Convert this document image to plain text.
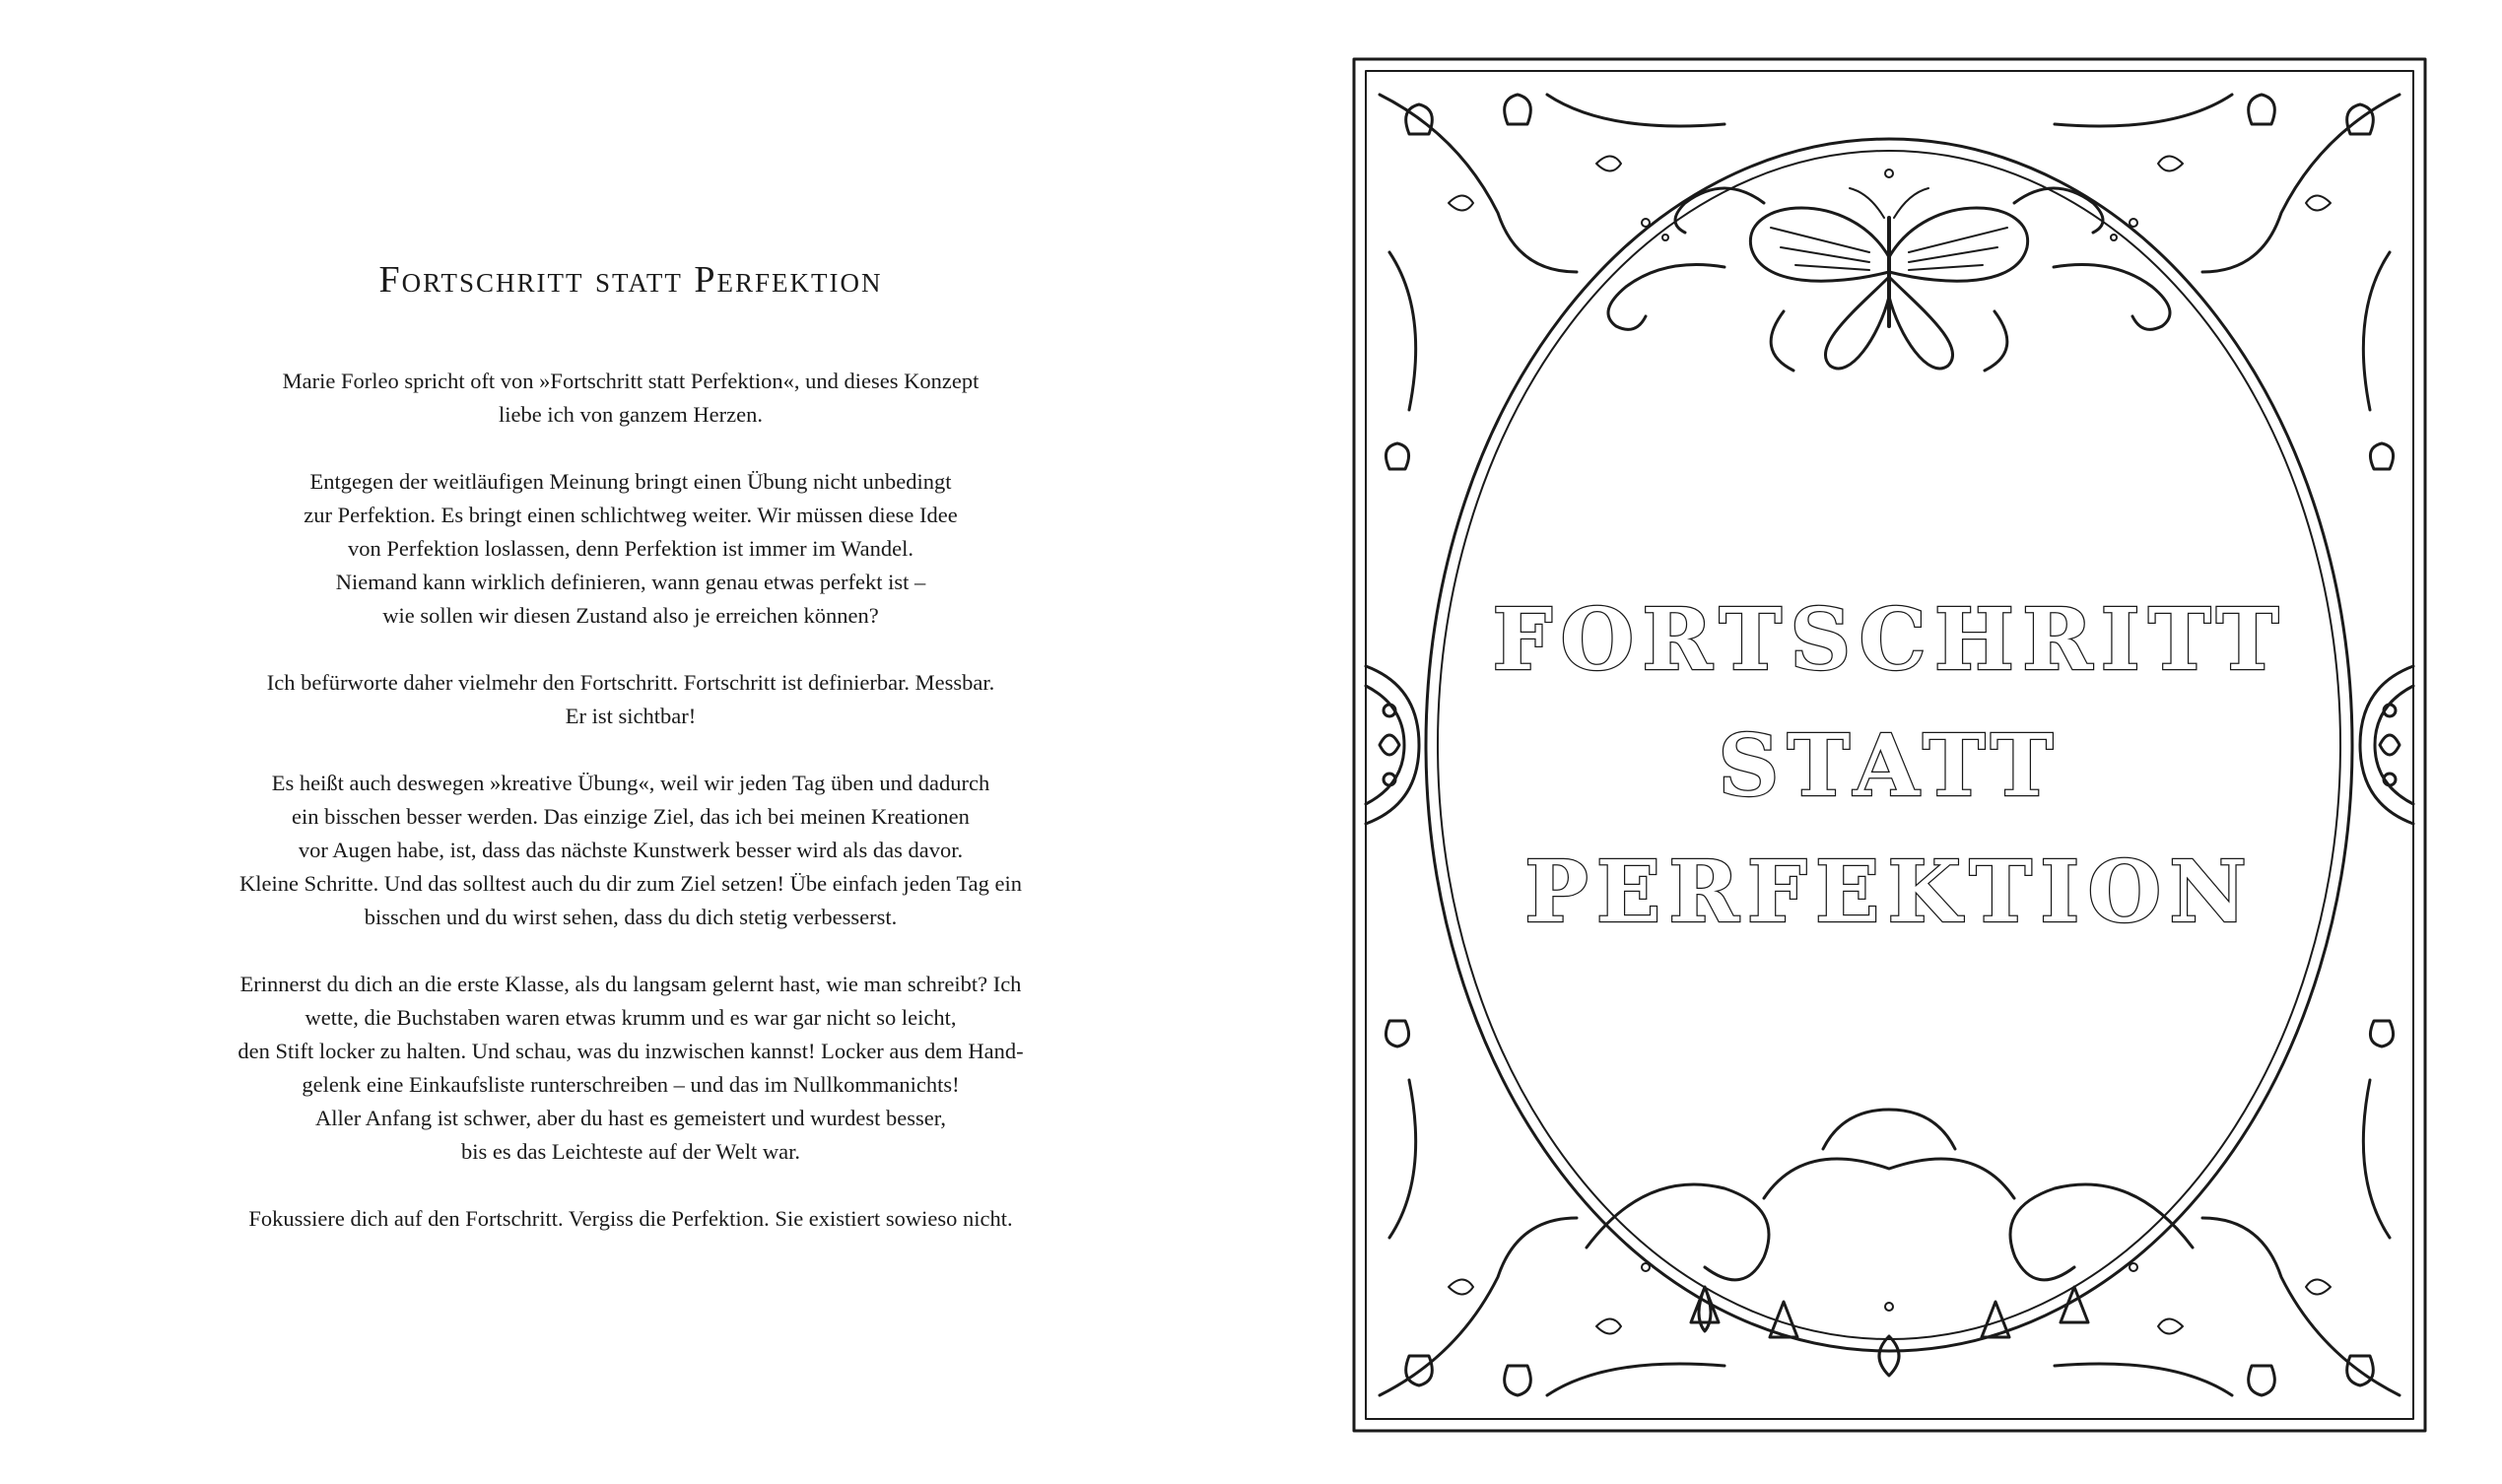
Fortschritt statt Perfektion

Marie Forleo spricht oft von »Fortschritt statt Perfektion«, und dieses Konzept
liebe ich von ganzem Herzen.

Entgegen der weitläufigen Meinung bringt einen Übung nicht unbedingt
zur Perfektion. Es bringt einen schlichtweg weiter. Wir müssen diese Idee
von Perfektion loslassen, denn Perfektion ist immer im Wandel.
Niemand kann wirklich definieren, wann genau etwas perfekt ist –
wie sollen wir diesen Zustand also je erreichen können?

Ich befürworte daher vielmehr den Fortschritt. Fortschritt ist definierbar. Messbar.
Er ist sichtbar!

Es heißt auch deswegen »kreative Übung«, weil wir jeden Tag üben und dadurch
ein bisschen besser werden. Das einzige Ziel, das ich bei meinen Kreationen
vor Augen habe, ist, dass das nächste Kunstwerk besser wird als das davor.
Kleine Schritte. Und das solltest auch du dir zum Ziel setzen! Übe einfach jeden Tag ein
bisschen und du wirst sehen, dass du dich stetig verbesserst.

Erinnerst du dich an die erste Klasse, als du langsam gelernt hast, wie man schreibt? Ich
wette, die Buchstaben waren etwas krumm und es war gar nicht so leicht,
den Stift locker zu halten. Und schau, was du inzwischen kannst! Locker aus dem Hand-
gelenk eine Einkaufsliste runterschreiben – und das im Nullkommanichts!
Aller Anfang ist schwer, aber du hast es gemeistert und wurdest besser,
bis es das Leichteste auf der Welt war.

Fokussiere dich auf den Fortschritt. Vergiss die Perfektion. Sie existiert sowieso nicht.

FORTSCHRITT
STATT
PERFEKTION
